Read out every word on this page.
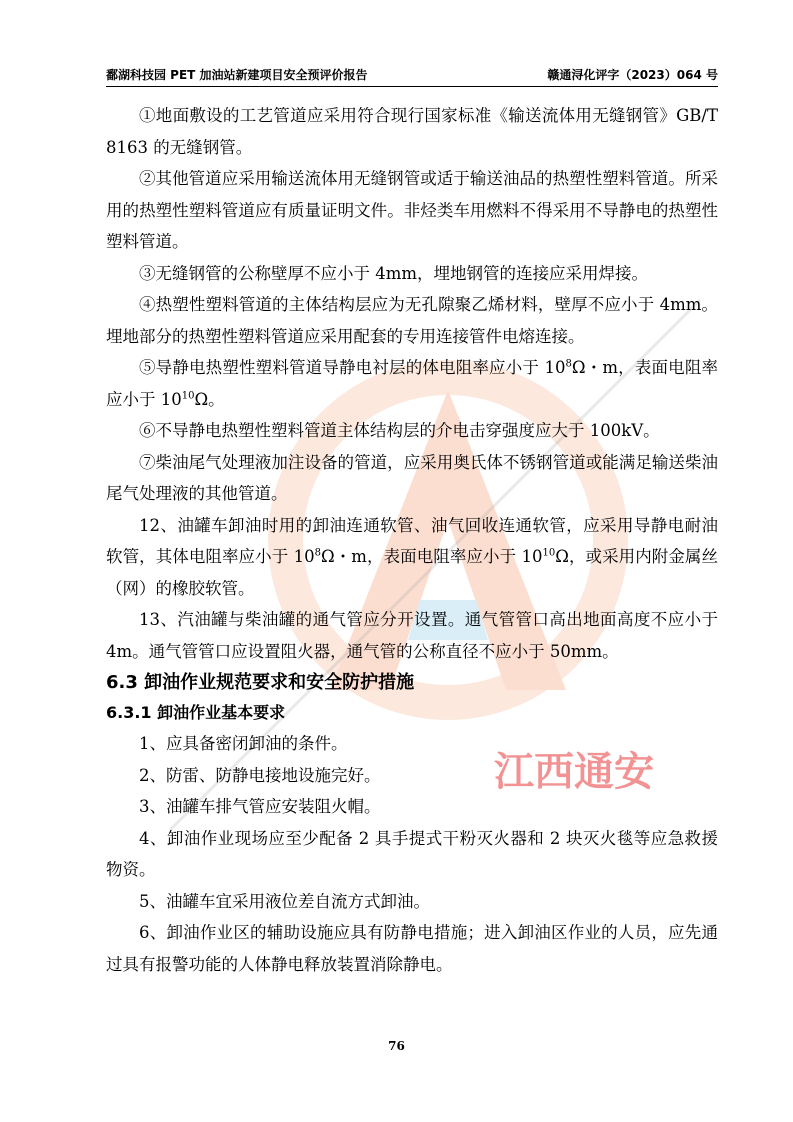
江西通安
鄱湖科技园 PET 加油站新建项目安全预评价报告	赣通浔化评字（2023）064 号

①地面敷设的工艺管道应采用符合现行国家标准《输送流体用无缝钢管》GB/T 8163 的无缝钢管。

②其他管道应采用输送流体用无缝钢管或适于输送油品的热塑性塑料管道。所采用的热塑性塑料管道应有质量证明文件。非烃类车用燃料不得采用不导静电的热塑性塑料管道。

③无缝钢管的公称壁厚不应小于 4mm，埋地钢管的连接应采用焊接。

④热塑性塑料管道的主体结构层应为无孔隙聚乙烯材料，壁厚不应小于 4mm。埋地部分的热塑性塑料管道应采用配套的专用连接管件电熔连接。

⑤导静电热塑性塑料管道导静电衬层的体电阻率应小于 $10^8\Omega$・m，表面电阻率应小于 $10^{10}\Omega$。

⑥不导静电热塑性塑料管道主体结构层的介电击穿强度应大于 100kV。

⑦柴油尾气处理液加注设备的管道，应采用奥氏体不锈钢管道或能满足输送柴油尾气处理液的其他管道。

12、油罐车卸油时用的卸油连通软管、油气回收连通软管，应采用导静电耐油软管，其体电阻率应小于 $10^8\Omega$・m，表面电阻率应小于 $10^{10}\Omega$，或采用内附金属丝（网）的橡胶软管。

13、汽油罐与柴油罐的通气管应分开设置。通气管管口高出地面高度不应小于 4m。通气管管口应设置阻火器，通气管的公称直径不应小于 50mm。

6.3 卸油作业规范要求和安全防护措施

6.3.1 卸油作业基本要求

1、应具备密闭卸油的条件。

2、防雷、防静电接地设施完好。

3、油罐车排气管应安装阻火帽。

4、卸油作业现场应至少配备 2 具手提式干粉灭火器和 2 块灭火毯等应急救援物资。

5、油罐车宜采用液位差自流方式卸油。

6、卸油作业区的辅助设施应具有防静电措施；进入卸油区作业的人员，应先通过具有报警功能的人体静电释放装置消除静电。

76
